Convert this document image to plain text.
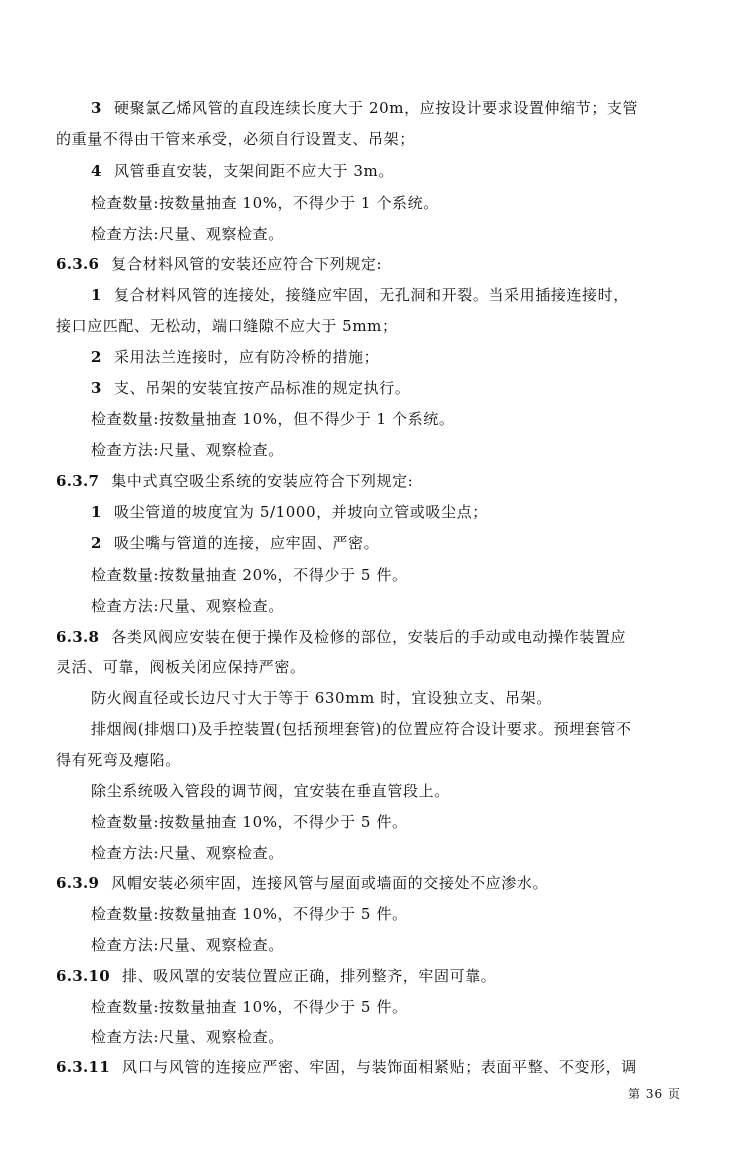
3 硬聚氯乙烯风管的直段连续长度大于 20m，应按设计要求设置伸缩节；支管
的重量不得由干管来承受，必须自行设置支、吊架；
4 风管垂直安装，支架间距不应大于 3m。
检查数量:按数量抽查 10%，不得少于 1 个系统。
检查方法:尺量、观察检查。
6.3.6 复合材料风管的安装还应符合下列规定:
1 复合材料风管的连接处，接缝应牢固，无孔洞和开裂。当采用插接连接时，
接口应匹配、无松动，端口缝隙不应大于 5mm；
2 采用法兰连接时，应有防冷桥的措施；
3 支、吊架的安装宜按产品标准的规定执行。
检查数量:按数量抽查 10%，但不得少于 1 个系统。
检查方法:尺量、观察检查。
6.3.7 集中式真空吸尘系统的安装应符合下列规定:
1 吸尘管道的坡度宜为 5/1000，并坡向立管或吸尘点；
2 吸尘嘴与管道的连接，应牢固、严密。
检查数量:按数量抽查 20%，不得少于 5 件。
检查方法:尺量、观察检查。
6.3.8 各类风阀应安装在便于操作及检修的部位，安装后的手动或电动操作装置应
灵活、可靠，阀板关闭应保持严密。
防火阀直径或长边尺寸大于等于 630mm 时，宜设独立支、吊架。
排烟阀(排烟口)及手控装置(包括预埋套管)的位置应符合设计要求。预埋套管不
得有死弯及瘪陷。
除尘系统吸入管段的调节阀，宜安装在垂直管段上。
检查数量:按数量抽查 10%，不得少于 5 件。
检查方法:尺量、观察检查。
6.3.9 风帽安装必须牢固，连接风管与屋面或墙面的交接处不应渗水。
检查数量:按数量抽查 10%，不得少于 5 件。
检查方法:尺量、观察检查。
6.3.10 排、吸风罩的安装位置应正确，排列整齐，牢固可靠。
检查数量:按数量抽查 10%，不得少于 5 件。
检查方法:尺量、观察检查。
6.3.11 风口与风管的连接应严密、牢固，与装饰面相紧贴；表面平整、不变形，调
第 36 页
